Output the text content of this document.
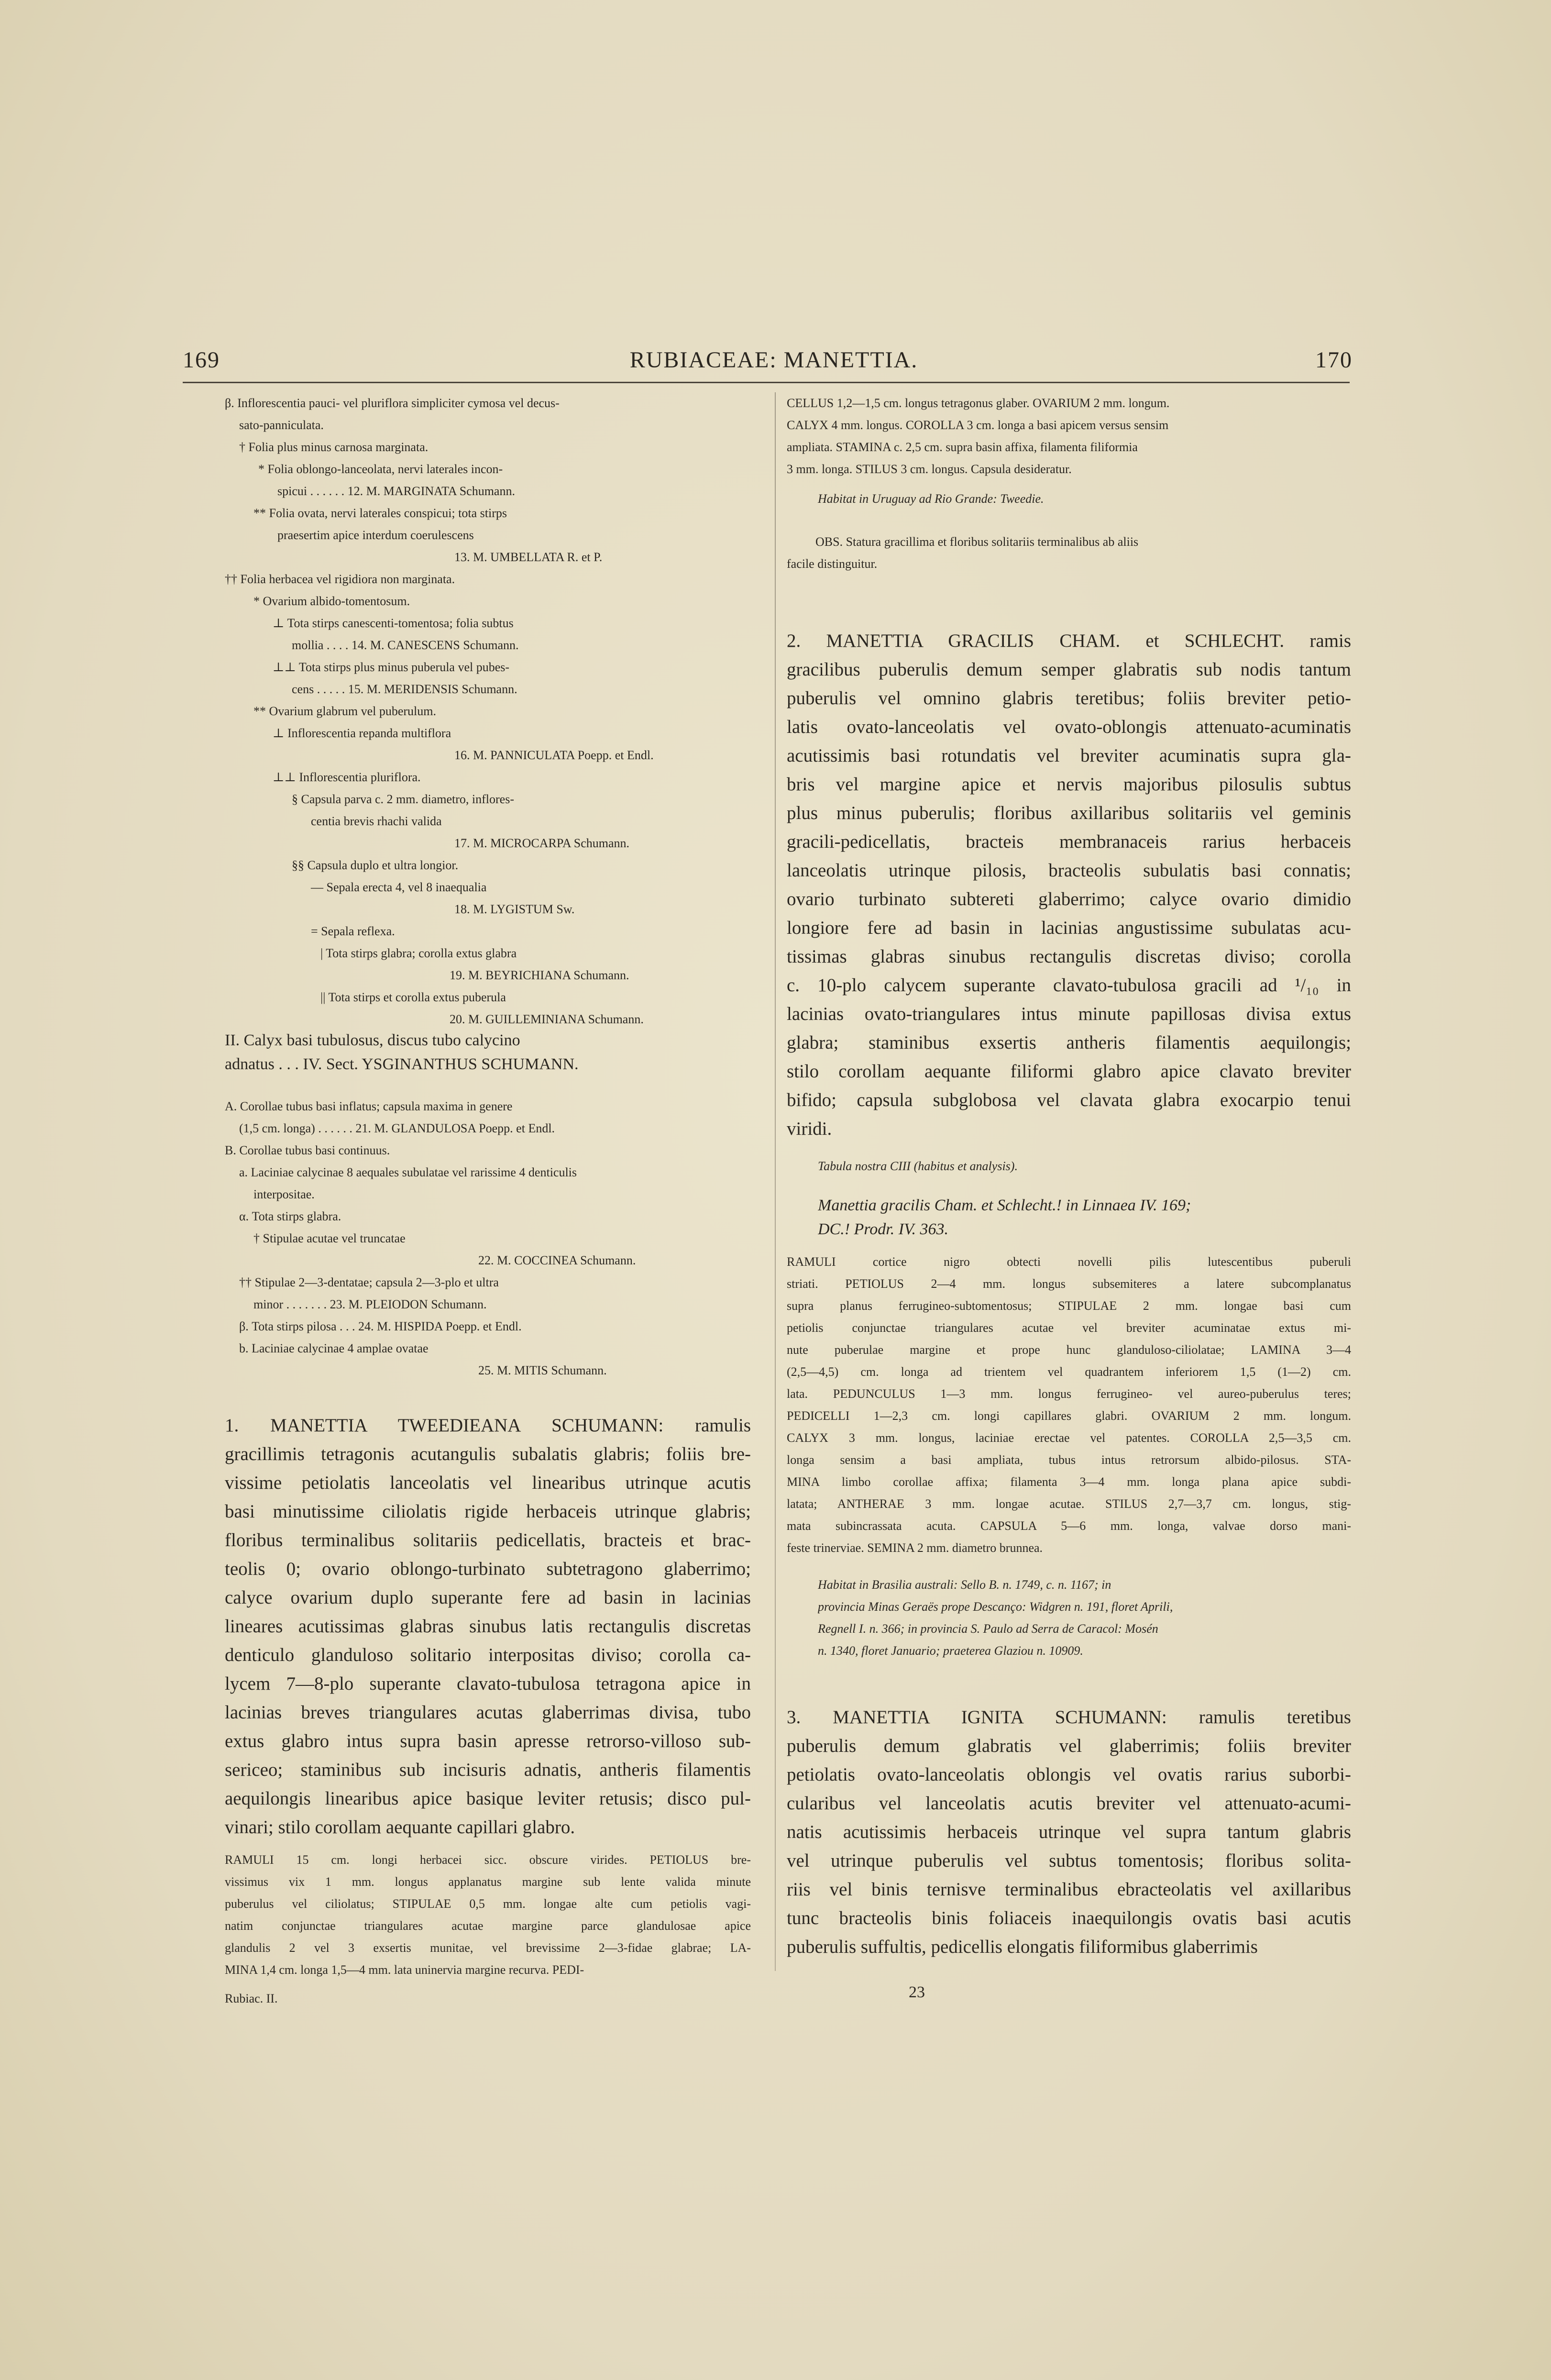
169	RUBIACEAE: MANETTIA.	170
β. Inflorescentia pauci- vel pluriflora simpliciter cymosa vel decus-
sato-panniculata.
† Folia plus minus carnosa marginata.
* Folia oblongo-lanceolata, nervi laterales incon-
spicui . . . . . . 12. M. MARGINATA Schumann.
** Folia ovata, nervi laterales conspicui; tota stirps
praesertim apice interdum coerulescens
13. M. UMBELLATA R. et P.
†† Folia herbacea vel rigidiora non marginata.
* Ovarium albido-tomentosum.
⊥ Tota stirps canescenti-tomentosa; folia subtus
mollia . . . . 14. M. CANESCENS Schumann.
⊥⊥ Tota stirps plus minus puberula vel pubes-
cens . . . . . 15. M. MERIDENSIS Schumann.
** Ovarium glabrum vel puberulum.
⊥ Inflorescentia repanda multiflora
16. M. PANNICULATA Poepp. et Endl.
⊥⊥ Inflorescentia pluriflora.
§ Capsula parva c. 2 mm. diametro, inflores-
centia brevis rhachi valida
17. M. MICROCARPA Schumann.
§§ Capsula duplo et ultra longior.
— Sepala erecta 4, vel 8 inaequalia
18. M. LYGISTUM Sw.
= Sepala reflexa.
| Tota stirps glabra; corolla extus glabra
19. M. BEYRICHIANA Schumann.
|| Tota stirps et corolla extus puberula
20. M. GUILLEMINIANA Schumann.
II. Calyx basi tubulosus, discus tubo calycino
adnatus . . . IV. Sect. YSGINANTHUS SCHUMANN.
A. Corollae tubus basi inflatus; capsula maxima in genere
(1,5 cm. longa) . . . . . . 21. M. GLANDULOSA Poepp. et Endl.
B. Corollae tubus basi continuus.
a. Laciniae calycinae 8 aequales subulatae vel rarissime 4 denticulis
interpositae.
α. Tota stirps glabra.
† Stipulae acutae vel truncatae
22. M. COCCINEA Schumann.
†† Stipulae 2—3-dentatae; capsula 2—3-plo et ultra
minor . . . . . . . 23. M. PLEIODON Schumann.
β. Tota stirps pilosa . . . 24. M. HISPIDA Poepp. et Endl.
b. Laciniae calycinae 4 amplae ovatae
25. M. MITIS Schumann.
1. MANETTIA TWEEDIEANA SCHUMANN: ramulis
gracillimis tetragonis acutangulis subalatis glabris; foliis bre-
vissime petiolatis lanceolatis vel linearibus utrinque acutis
basi minutissime ciliolatis rigide herbaceis utrinque glabris;
floribus terminalibus solitariis pedicellatis, bracteis et brac-
teolis 0; ovario oblongo-turbinato subtetragono glaberrimo;
calyce ovarium duplo superante fere ad basin in lacinias
lineares acutissimas glabras sinubus latis rectangulis discretas
denticulo glanduloso solitario interpositas diviso; corolla ca-
lycem 7—8-plo superante clavato-tubulosa tetragona apice in
lacinias breves triangulares acutas glaberrimas divisa, tubo
extus glabro intus supra basin apresse retrorso-villoso sub-
sericeo; staminibus sub incisuris adnatis, antheris filamentis
aequilongis linearibus apice basique leviter retusis; disco pul-
vinari; stilo corollam aequante capillari glabro.
RAMULI 15 cm. longi herbacei sicc. obscure virides. PETIOLUS bre-
vissimus vix 1 mm. longus applanatus margine sub lente valida minute
puberulus vel ciliolatus; STIPULAE 0,5 mm. longae alte cum petiolis vagi-
natim conjunctae triangulares acutae margine parce glandulosae apice
glandulis 2 vel 3 exsertis munitae, vel brevissime 2—3-fidae glabrae; LA-
MINA 1,4 cm. longa 1,5—4 mm. lata uninervia margine recurva. PEDI-
Rubiac. II.
CELLUS 1,2—1,5 cm. longus tetragonus glaber. OVARIUM 2 mm. longum.
CALYX 4 mm. longus. COROLLA 3 cm. longa a basi apicem versus sensim
ampliata. STAMINA c. 2,5 cm. supra basin affixa, filamenta filiformia
3 mm. longa. STILUS 3 cm. longus. Capsula desideratur.
Habitat in Uruguay ad Rio Grande: Tweedie.
OBS. Statura gracillima et floribus solitariis terminalibus ab aliis
facile distinguitur.
2. MANETTIA GRACILIS CHAM. et SCHLECHT. ramis
gracilibus puberulis demum semper glabratis sub nodis tantum
puberulis vel omnino glabris teretibus; foliis breviter petio-
latis ovato-lanceolatis vel ovato-oblongis attenuato-acuminatis
acutissimis basi rotundatis vel breviter acuminatis supra gla-
bris vel margine apice et nervis majoribus pilosulis subtus
plus minus puberulis; floribus axillaribus solitariis vel geminis
gracili-pedicellatis, bracteis membranaceis rarius herbaceis
lanceolatis utrinque pilosis, bracteolis subulatis basi connatis;
ovario turbinato subtereti glaberrimo; calyce ovario dimidio
longiore fere ad basin in lacinias angustissime subulatas acu-
tissimas glabras sinubus rectangulis discretas diviso; corolla
c. 10-plo calycem superante clavato-tubulosa gracili ad ¹/₁₀ in
lacinias ovato-triangulares intus minute papillosas divisa extus
glabra; staminibus exsertis antheris filamentis aequilongis;
stilo corollam aequante filiformi glabro apice clavato breviter
bifido; capsula subglobosa vel clavata glabra exocarpio tenui
viridi.
Tabula nostra CIII (habitus et analysis).
Manettia gracilis Cham. et Schlecht.! in Linnaea IV. 169;
DC.! Prodr. IV. 363.
RAMULI cortice nigro obtecti novelli pilis lutescentibus puberuli
striati. PETIOLUS 2—4 mm. longus subsemiteres a latere subcomplanatus
supra planus ferrugineo-subtomentosus; STIPULAE 2 mm. longae basi cum
petiolis conjunctae triangulares acutae vel breviter acuminatae extus mi-
nute puberulae margine et prope hunc glanduloso-ciliolatae; LAMINA 3—4
(2,5—4,5) cm. longa ad trientem vel quadrantem inferiorem 1,5 (1—2) cm.
lata. PEDUNCULUS 1—3 mm. longus ferrugineo- vel aureo-puberulus teres;
PEDICELLI 1—2,3 cm. longi capillares glabri. OVARIUM 2 mm. longum.
CALYX 3 mm. longus, laciniae erectae vel patentes. COROLLA 2,5—3,5 cm.
longa sensim a basi ampliata, tubus intus retrorsum albido-pilosus. STA-
MINA limbo corollae affixa; filamenta 3—4 mm. longa plana apice subdi-
latata; ANTHERAE 3 mm. longae acutae. STILUS 2,7—3,7 cm. longus, stig-
mata subincrassata acuta. CAPSULA 5—6 mm. longa, valvae dorso mani-
feste trinerviae. SEMINA 2 mm. diametro brunnea.
Habitat in Brasilia australi: Sello B. n. 1749, c. n. 1167; in
provincia Minas Geraës prope Descanço: Widgren n. 191, floret Aprili,
Regnell I. n. 366; in provincia S. Paulo ad Serra de Caracol: Mosén
n. 1340, floret Januario; praeterea Glaziou n. 10909.
3. MANETTIA IGNITA SCHUMANN: ramulis teretibus
puberulis demum glabratis vel glaberrimis; foliis breviter
petiolatis ovato-lanceolatis oblongis vel ovatis rarius suborbi-
cularibus vel lanceolatis acutis breviter vel attenuato-acumi-
natis acutissimis herbaceis utrinque vel supra tantum glabris
vel utrinque puberulis vel subtus tomentosis; floribus solita-
riis vel binis ternisve terminalibus ebracteolatis vel axillaribus
tunc bracteolis binis foliaceis inaequilongis ovatis basi acutis
puberulis suffultis, pedicellis elongatis filiformibus glaberrimis
23
